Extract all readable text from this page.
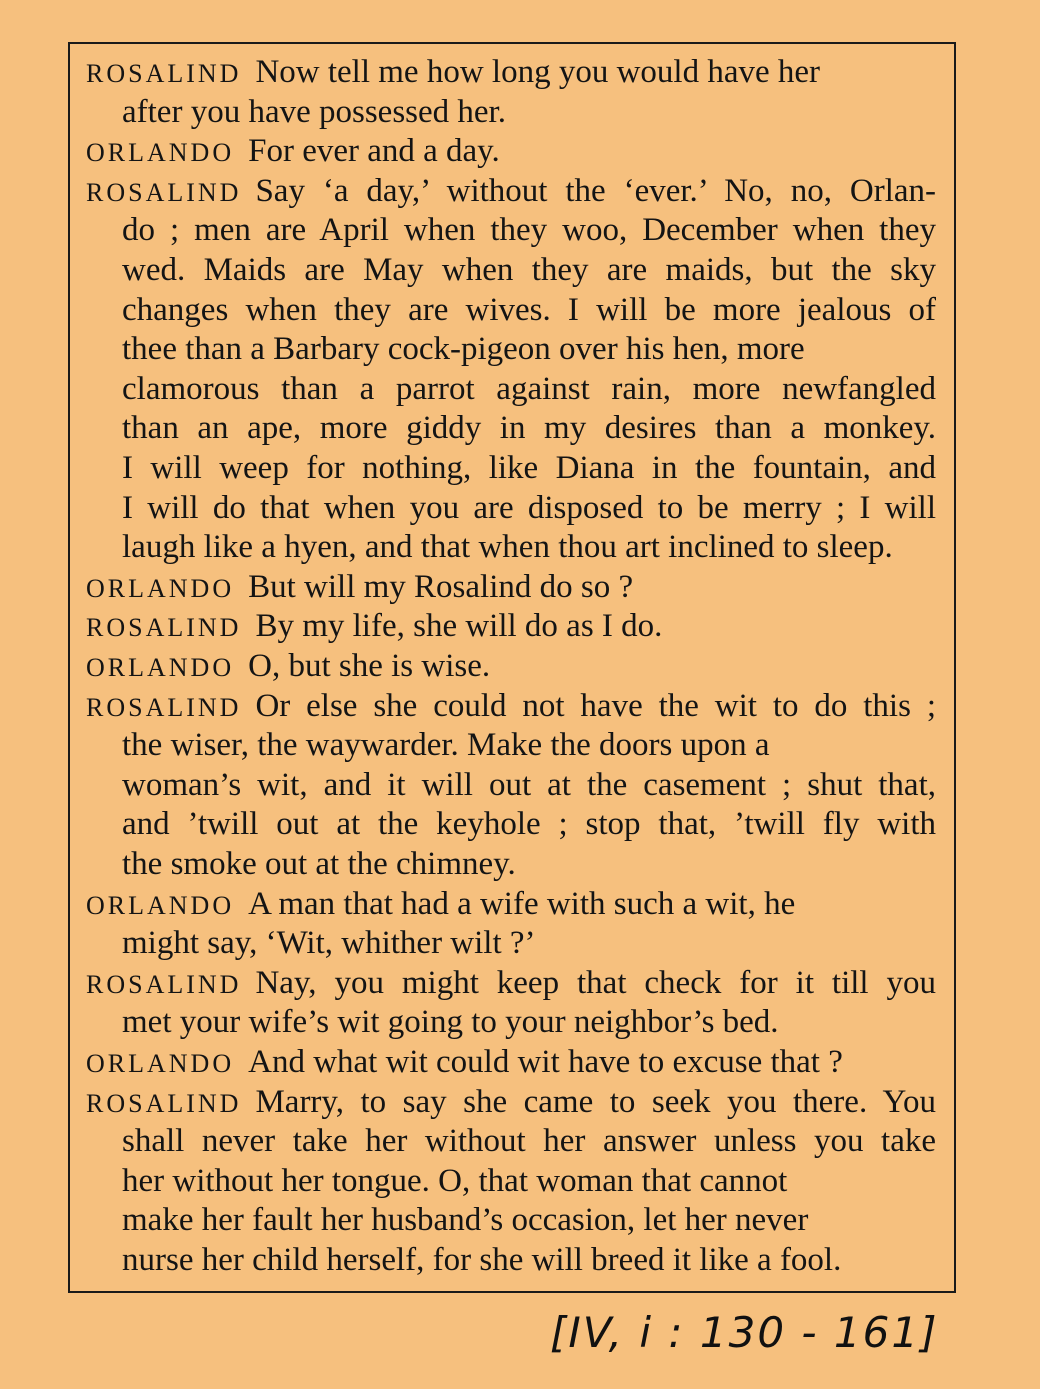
ROSALIND Now tell me how long you would have her
after you have possessed her.
ORLANDO For ever and a day.
ROSALIND Say ‘a day,’ without the ‘ever.’ No, no, Orlan-
do ; men are April when they woo, December when they
wed. Maids are May when they are maids, but the sky
changes when they are wives. I will be more jealous of
thee than a Barbary cock-pigeon over his hen, more
clamorous than a parrot against rain, more newfangled
than an ape, more giddy in my desires than a monkey.
I will weep for nothing, like Diana in the fountain, and
I will do that when you are disposed to be merry ; I will
laugh like a hyen, and that when thou art inclined to sleep.
ORLANDO But will my Rosalind do so ?
ROSALIND By my life, she will do as I do.
ORLANDO O, but she is wise.
ROSALIND Or else she could not have the wit to do this ;
the wiser, the waywarder. Make the doors upon a
woman’s wit, and it will out at the casement ; shut that,
and ’twill out at the keyhole ; stop that, ’twill fly with
the smoke out at the chimney.
ORLANDO A man that had a wife with such a wit, he
might say, ‘Wit, whither wilt ?’
ROSALIND Nay, you might keep that check for it till you
met your wife’s wit going to your neighbor’s bed.
ORLANDO And what wit could wit have to excuse that ?
ROSALIND Marry, to say she came to seek you there. You
shall never take her without her answer unless you take
her without her tongue. O, that woman that cannot
make her fault her husband’s occasion, let her never
nurse her child herself, for she will breed it like a fool.
[IV, i : 130 - 161]
